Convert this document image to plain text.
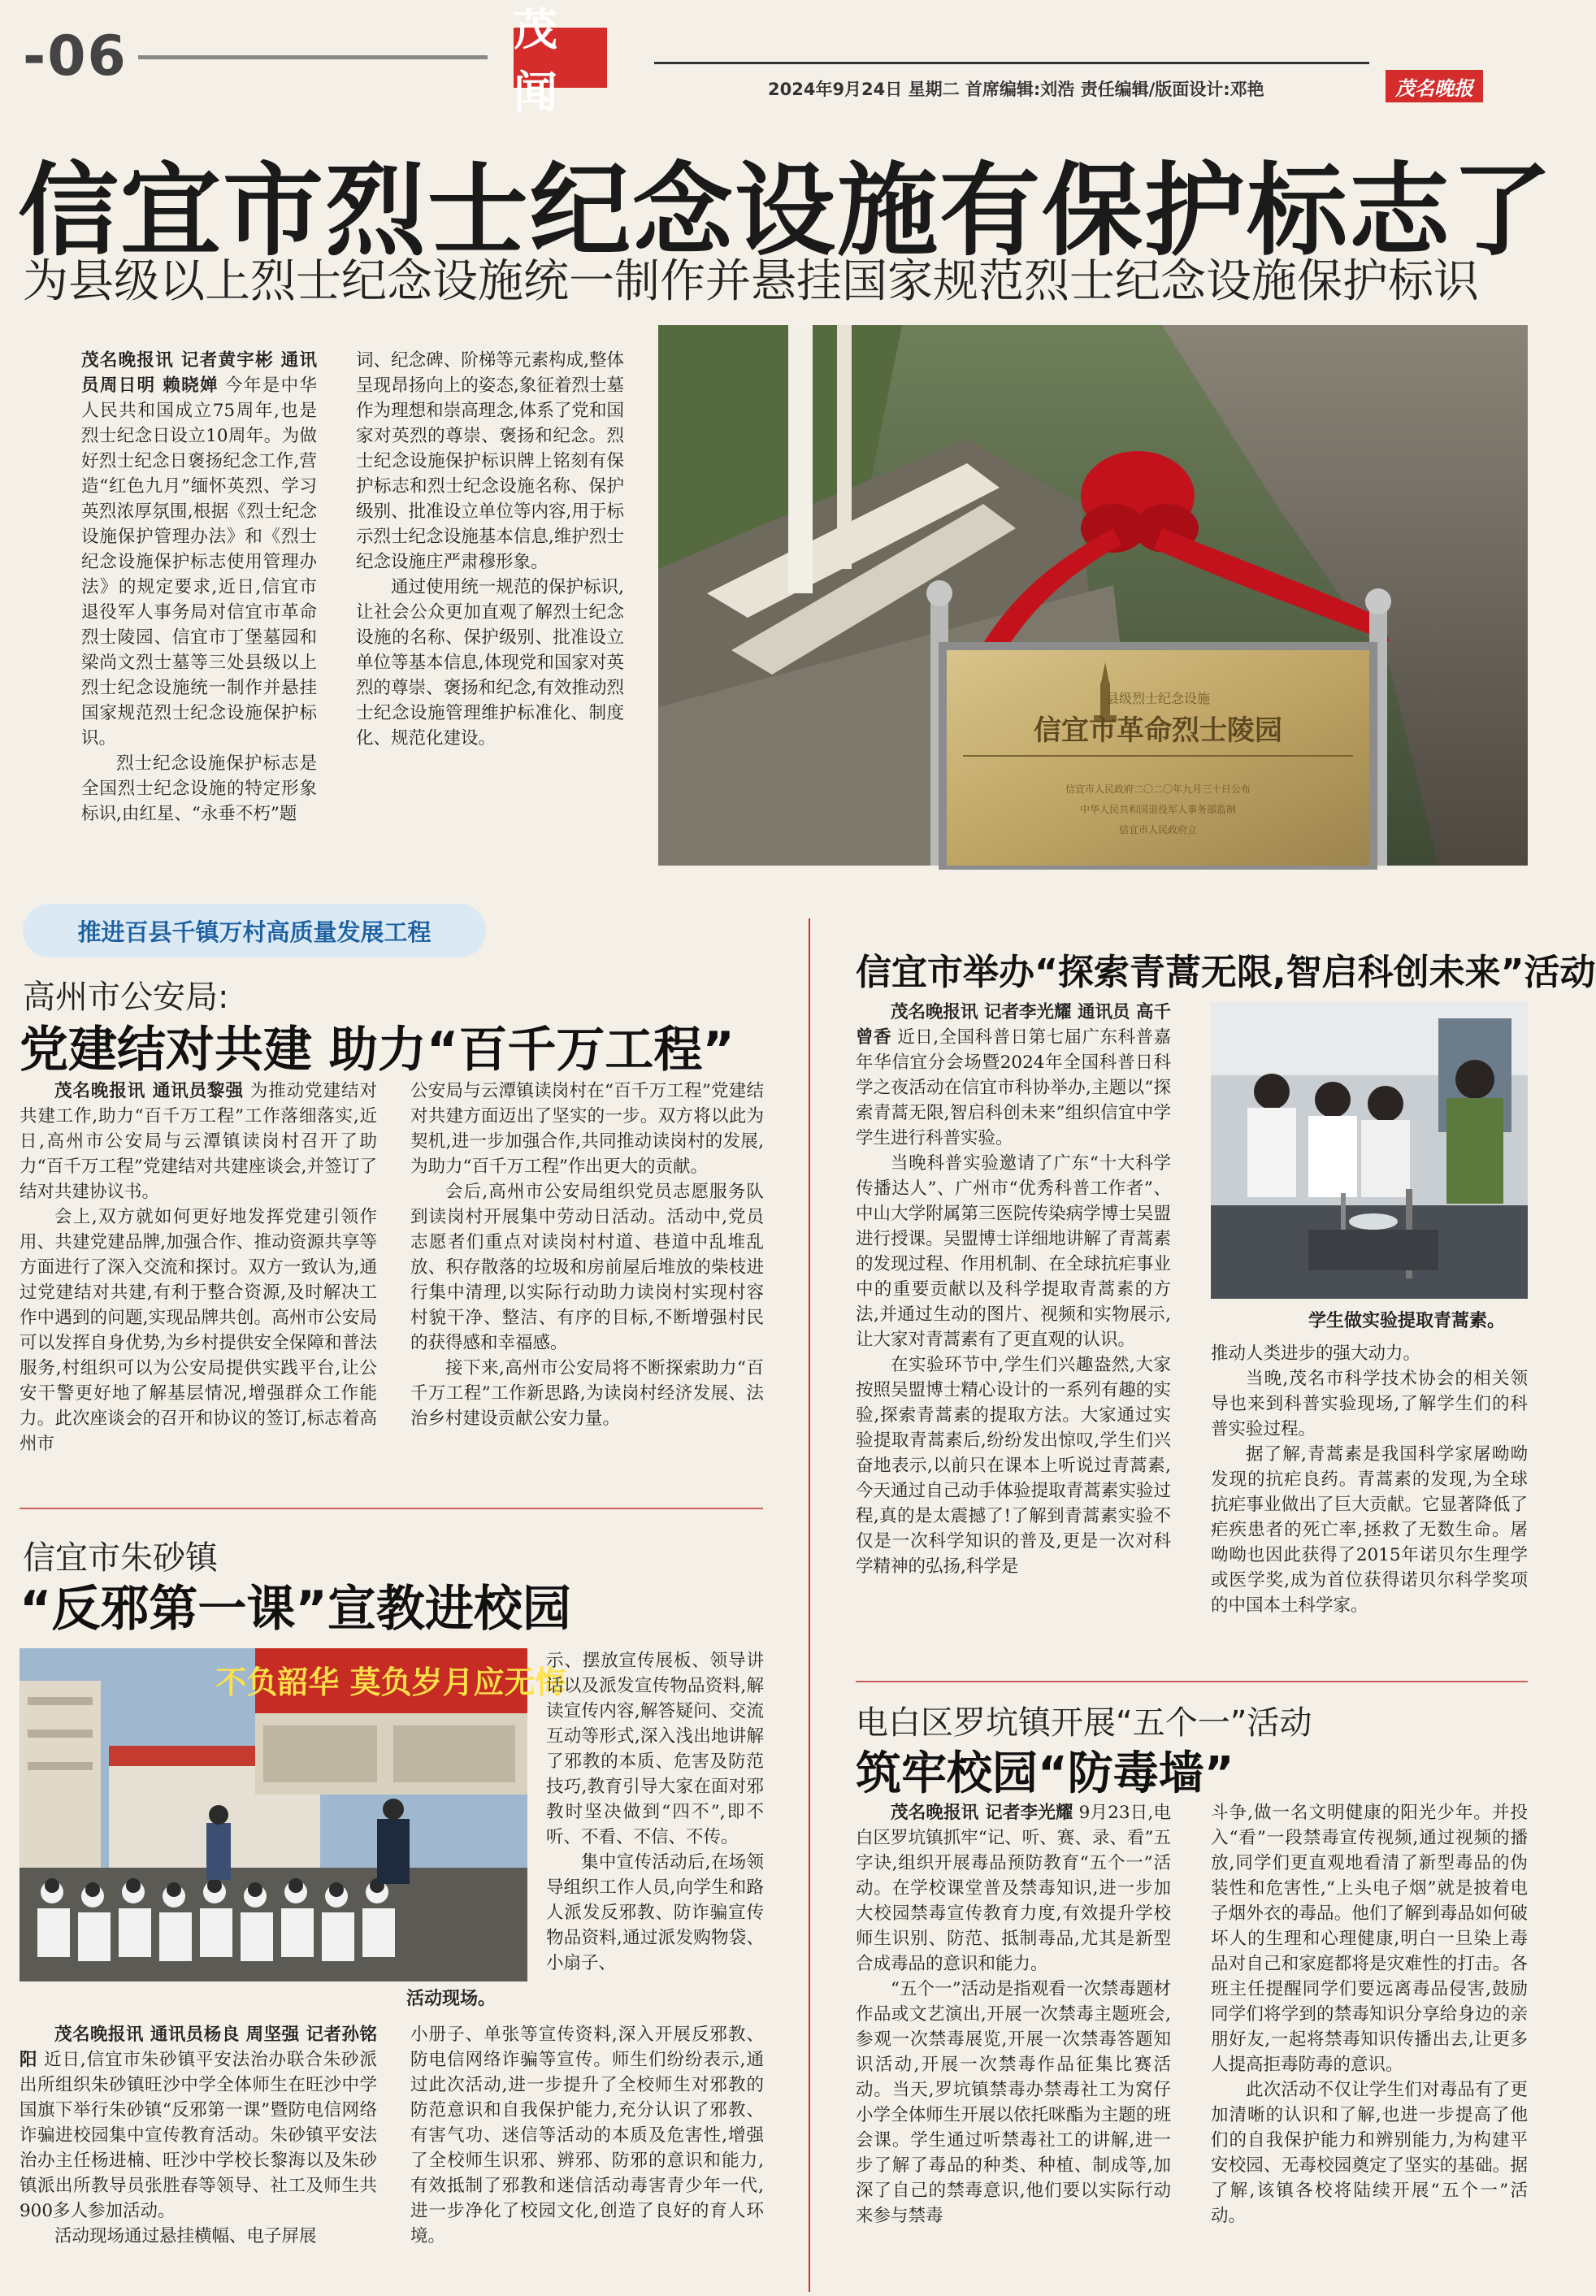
-06	茂闻	2024年9月24日 星期二 首席编辑:刘浩 责任编辑/版面设计:邓艳	茂名晚报
信宜市烈士纪念设施有保护标志了
为县级以上烈士纪念设施统一制作并悬挂国家规范烈士纪念设施保护标识

茂名晚报讯 记者黄宇彬 通讯员周日明 赖晓婵 今年是中华人民共和国成立75周年,也是烈士纪念日设立10周年。为做好烈士纪念日褒扬纪念工作,营造“红色九月”缅怀英烈、学习英烈浓厚氛围,根据《烈士纪念设施保护管理办法》和《烈士纪念设施保护标志使用管理办法》的规定要求,近日,信宜市退役军人事务局对信宜市革命烈士陵园、信宜市丁堡墓园和梁尚文烈士墓等三处县级以上烈士纪念设施统一制作并悬挂国家规范烈士纪念设施保护标识。

烈士纪念设施保护标志是全国烈士纪念设施的特定形象标识,由红星、“永垂不朽”题

词、纪念碑、阶梯等元素构成,整体呈现昂扬向上的姿态,象征着烈士墓作为理想和崇高理念,体系了党和国家对英烈的尊崇、褒扬和纪念。烈士纪念设施保护标识牌上铭刻有保护标志和烈士纪念设施名称、保护级别、批准设立单位等内容,用于标示烈士纪念设施基本信息,维护烈士纪念设施庄严肃穆形象。

通过使用统一规范的保护标识,让社会公众更加直观了解烈士纪念设施的名称、保护级别、批准设立单位等基本信息,体现党和国家对英烈的尊崇、褒扬和纪念,有效推动烈士纪念设施管理维护标准化、制度化、规范化建设。

县级烈士纪念设施
信宜市革命烈士陵园
信宜市人民政府二〇二〇年九月三十日公布
中华人民共和国退役军人事务部监制
信宜市人民政府立
推进百县千镇万村高质量发展工程
高州市公安局:
党建结对共建 助力“百千万工程”

茂名晚报讯 通讯员黎强 为推动党建结对共建工作,助力“百千万工程”工作落细落实,近日,高州市公安局与云潭镇读岗村召开了助力“百千万工程”党建结对共建座谈会,并签订了结对共建协议书。

会上,双方就如何更好地发挥党建引领作用、共建党建品牌,加强合作、推动资源共享等方面进行了深入交流和探讨。双方一致认为,通过党建结对共建,有利于整合资源,及时解决工作中遇到的问题,实现品牌共创。高州市公安局可以发挥自身优势,为乡村提供安全保障和普法服务,村组织可以为公安局提供实践平台,让公安干警更好地了解基层情况,增强群众工作能力。此次座谈会的召开和协议的签订,标志着高州市

公安局与云潭镇读岗村在“百千万工程”党建结对共建方面迈出了坚实的一步。双方将以此为契机,进一步加强合作,共同推动读岗村的发展,为助力“百千万工程”作出更大的贡献。

会后,高州市公安局组织党员志愿服务队到读岗村开展集中劳动日活动。活动中,党员志愿者们重点对读岗村村道、巷道中乱堆乱放、积存散落的垃圾和房前屋后堆放的柴枝进行集中清理,以实际行动助力读岗村实现村容村貌干净、整洁、有序的目标,不断增强村民的获得感和幸福感。

接下来,高州市公安局将不断探索助力“百千万工程”工作新思路,为读岗村经济发展、法治乡村建设贡献公安力量。

信宜市朱砂镇
“反邪第一课”宣教进校园
不负韶华 莫负岁月应无悔
活动现场。

示、摆放宣传展板、领导讲话以及派发宣传物品资料,解读宣传内容,解答疑问、交流互动等形式,深入浅出地讲解了邪教的本质、危害及防范技巧,教育引导大家在面对邪教时坚决做到“四不”,即不听、不看、不信、不传。

集中宣传活动后,在场领导组织工作人员,向学生和路人派发反邪教、防诈骗宣传物品资料,通过派发购物袋、小扇子、

茂名晚报讯 通讯员杨良 周坚强 记者孙铭阳 近日,信宜市朱砂镇平安法治办联合朱砂派出所组织朱砂镇旺沙中学全体师生在旺沙中学国旗下举行朱砂镇“反邪第一课”暨防电信网络诈骗进校园集中宣传教育活动。朱砂镇平安法治办主任杨进楠、旺沙中学校长黎海以及朱砂镇派出所教导员张胜春等领导、社工及师生共900多人参加活动。

活动现场通过悬挂横幅、电子屏展

小册子、单张等宣传资料,深入开展反邪教、防电信网络诈骗等宣传。师生们纷纷表示,通过此次活动,进一步提升了全校师生对邪教的防范意识和自我保护能力,充分认识了邪教、有害气功、迷信等活动的本质及危害性,增强了全校师生识邪、辨邪、防邪的意识和能力,有效抵制了邪教和迷信活动毒害青少年一代,进一步净化了校园文化,创造了良好的育人环境。

信宜市举办“探索青蒿无限,智启科创未来”活动

茂名晚报讯 记者李光耀 通讯员 高千 曾香 近日,全国科普日第七届广东科普嘉年华信宜分会场暨2024年全国科普日科学之夜活动在信宜市科协举办,主题以“探索青蒿无限,智启科创未来”组织信宜中学学生进行科普实验。

当晚科普实验邀请了广东“十大科学传播达人”、广州市“优秀科普工作者”、中山大学附属第三医院传染病学博士吴盟进行授课。吴盟博士详细地讲解了青蒿素的发现过程、作用机制、在全球抗疟事业中的重要贡献以及科学提取青蒿素的方法,并通过生动的图片、视频和实物展示,让大家对青蒿素有了更直观的认识。

在实验环节中,学生们兴趣盎然,大家按照吴盟博士精心设计的一系列有趣的实验,探索青蒿素的提取方法。大家通过实验提取青蒿素后,纷纷发出惊叹,学生们兴奋地表示,以前只在课本上听说过青蒿素,今天通过自己动手体验提取青蒿素实验过程,真的是太震撼了!了解到青蒿素实验不仅是一次科学知识的普及,更是一次对科学精神的弘扬,科学是

学生做实验提取青蒿素。

推动人类进步的强大动力。

当晚,茂名市科学技术协会的相关领导也来到科普实验现场,了解学生们的科普实验过程。

据了解,青蒿素是我国科学家屠呦呦发现的抗疟良药。青蒿素的发现,为全球抗疟事业做出了巨大贡献。它显著降低了疟疾患者的死亡率,拯救了无数生命。屠呦呦也因此获得了2015年诺贝尔生理学或医学奖,成为首位获得诺贝尔科学奖项的中国本土科学家。

电白区罗坑镇开展“五个一”活动
筑牢校园“防毒墙”

茂名晚报讯 记者李光耀 9月23日,电白区罗坑镇抓牢“记、听、赛、录、看”五字诀,组织开展毒品预防教育“五个一”活动。在学校课堂普及禁毒知识,进一步加大校园禁毒宣传教育力度,有效提升学校师生识别、防范、抵制毒品,尤其是新型合成毒品的意识和能力。

“五个一”活动是指观看一次禁毒题材作品或文艺演出,开展一次禁毒主题班会,参观一次禁毒展览,开展一次禁毒答题知识活动,开展一次禁毒作品征集比赛活动。当天,罗坑镇禁毒办禁毒社工为窝仔小学全体师生开展以依托咪酯为主题的班会课。学生通过听禁毒社工的讲解,进一步了解了毒品的种类、种植、制成等,加深了自己的禁毒意识,他们要以实际行动来参与禁毒

斗争,做一名文明健康的阳光少年。并投入“看”一段禁毒宣传视频,通过视频的播放,同学们更直观地看清了新型毒品的伪装性和危害性,“上头电子烟”就是披着电子烟外衣的毒品。他们了解到毒品如何破坏人的生理和心理健康,明白一旦染上毒品对自己和家庭都将是灾难性的打击。各班主任提醒同学们要远离毒品侵害,鼓励同学们将学到的禁毒知识分享给身边的亲朋好友,一起将禁毒知识传播出去,让更多人提高拒毒防毒的意识。

此次活动不仅让学生们对毒品有了更加清晰的认识和了解,也进一步提高了他们的自我保护能力和辨别能力,为构建平安校园、无毒校园奠定了坚实的基础。据了解,该镇各校将陆续开展“五个一”活动。
